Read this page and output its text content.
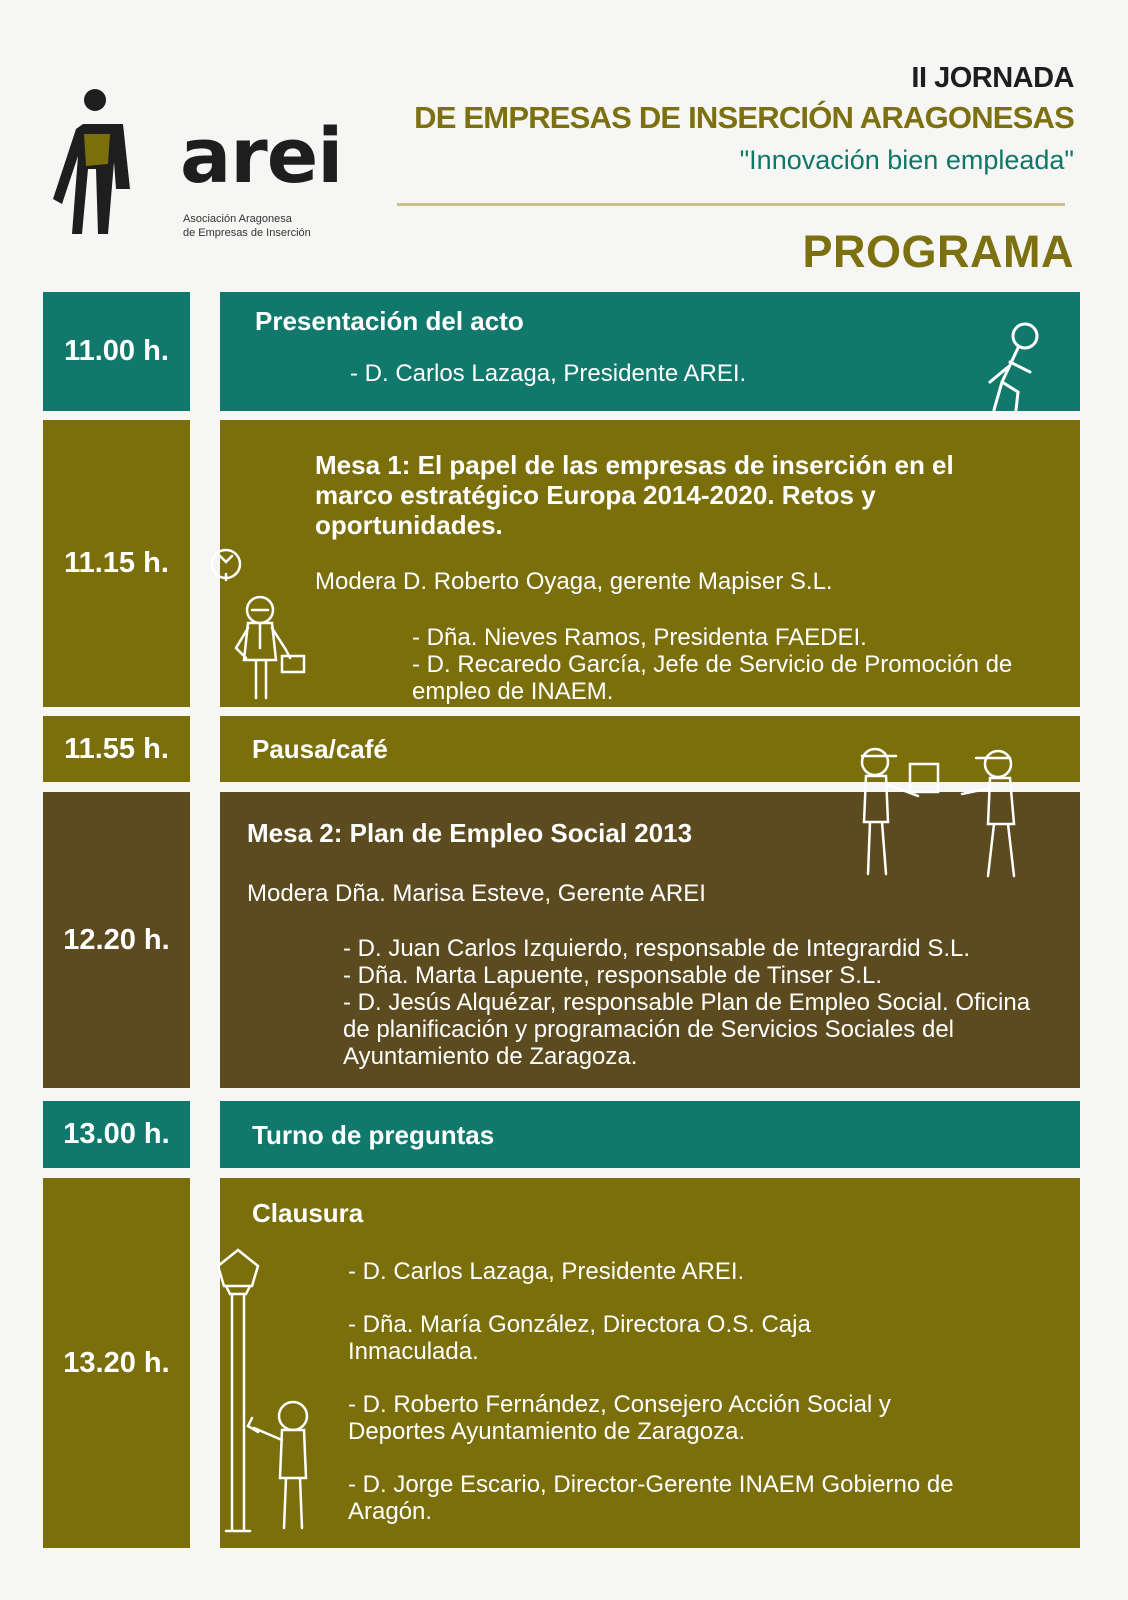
arei
Asociación Aragonesa
de Empresas de Inserción
II JORNADA
DE EMPRESAS DE INSERCIÓN ARAGONESAS
"Innovación bien empleada"
PROGRAMA
11.00 h.
Presentación del acto
- D. Carlos Lazaga, Presidente AREI.
11.15 h.
Mesa 1: El papel de las empresas de inserción en el
marco estratégico Europa 2014-2020. Retos y
oportunidades.
Modera D. Roberto Oyaga, gerente Mapiser S.L.
- Dña. Nieves Ramos, Presidenta FAEDEI.
- D. Recaredo García, Jefe de Servicio de Promoción de
empleo de INAEM.
11.55 h.	Pausa/café
12.20 h.
Mesa 2: Plan de Empleo Social 2013
Modera Dña. Marisa Esteve, Gerente AREI
- D. Juan Carlos Izquierdo, responsable de Integrardid S.L.
- Dña. Marta Lapuente, responsable de Tinser S.L.
- D. Jesús Alquézar, responsable Plan de Empleo Social. Oficina
de planificación y programación de Servicios Sociales del
Ayuntamiento de Zaragoza.
13.00 h.	Turno de preguntas
13.20 h.
Clausura
- D. Carlos Lazaga, Presidente AREI.
- Dña. María González, Directora O.S. Caja
Inmaculada.
- D. Roberto Fernández, Consejero Acción Social y
Deportes Ayuntamiento de Zaragoza.
- D. Jorge Escario, Director-Gerente INAEM Gobierno de
Aragón.
